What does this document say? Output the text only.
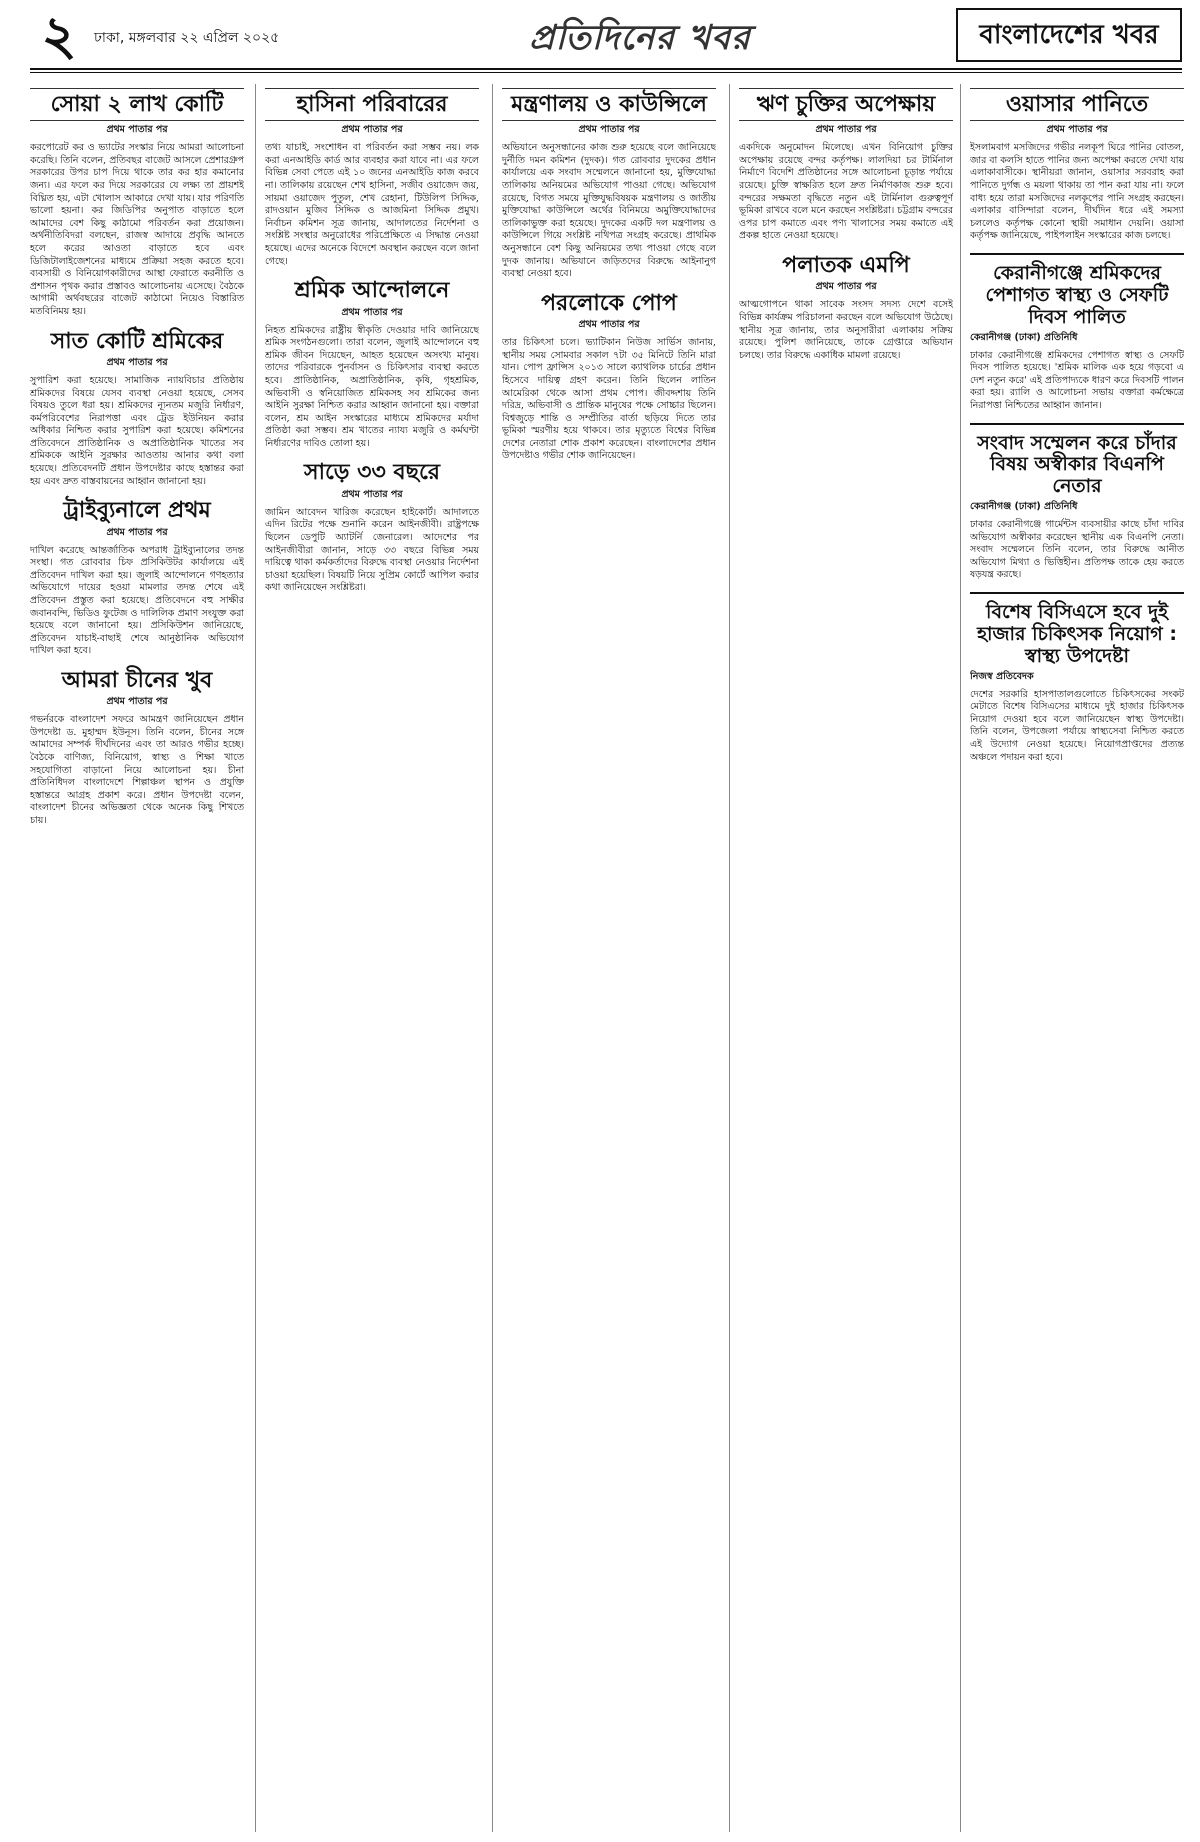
২	ঢাকা, মঙ্গলবার ২২ এপ্রিল ২০২৫	প্রতিদিনের খবর	বাংলাদেশের খবর
সোয়া ২ লাখ কোটি
প্রথম পাতার পর

করপোরেট কর ও ভ্যাটের সংস্কার নিয়ে আমরা আলোচনা করেছি। তিনি বলেন, প্রতিবছর বাজেট আসলে প্রেশারগ্রুপ সরকারের উপর চাপ দিয়ে থাকে তার কর হার কমানোর জন্য। এর ফলে কর দিয়ে সরকারের যে লক্ষ্য তা প্রায়শই বিঘ্নিত হয়, এটা খোলাস আকারে দেখা যায়। যার পরিণতি ভালো হয়না। কর জিডিপির অনুপাত বাড়াতে হলে আমাদের বেশ কিছু কাঠামো পরিবর্তন করা প্রয়োজন। অর্থনীতিবিদরা বলছেন, রাজস্ব আদায়ে প্রবৃদ্ধি আনতে হলে করের আওতা বাড়াতে হবে এবং ডিজিটালাইজেশনের মাধ্যমে প্রক্রিয়া সহজ করতে হবে। ব্যবসায়ী ও বিনিয়োগকারীদের আস্থা ফেরাতে করনীতি ও প্রশাসন পৃথক করার প্রস্তাবও আলোচনায় এসেছে। বৈঠকে আগামী অর্থবছরের বাজেট কাঠামো নিয়েও বিস্তারিত মতবিনিময় হয়।

সাত কোটি শ্রমিকের
প্রথম পাতার পর

সুপারিশ করা হয়েছে। সামাজিক ন্যায়বিচার প্রতিষ্ঠায় শ্রমিকদের বিষয়ে যেসব ব্যবস্থা নেওয়া হয়েছে, সেসব বিষয়ও তুলে ধরা হয়। শ্রমিকদের ন্যূনতম মজুরি নির্ধারণ, কর্মপরিবেশের নিরাপত্তা এবং ট্রেড ইউনিয়ন করার অধিকার নিশ্চিত করার সুপারিশ করা হয়েছে। কমিশনের প্রতিবেদনে প্রাতিষ্ঠানিক ও অপ্রাতিষ্ঠানিক খাতের সব শ্রমিককে আইনি সুরক্ষার আওতায় আনার কথা বলা হয়েছে। প্রতিবেদনটি প্রধান উপদেষ্টার কাছে হস্তান্তর করা হয় এবং দ্রুত বাস্তবায়নের আহ্বান জানানো হয়।

ট্রাইব্যুনালে প্রথম
প্রথম পাতার পর

দাখিল করেছে আন্তর্জাতিক অপরাধ ট্রাইব্যুনালের তদন্ত সংস্থা। গত রোববার চিফ প্রসিকিউটর কার্যালয়ে এই প্রতিবেদন দাখিল করা হয়। জুলাই আন্দোলনে গণহত্যার অভিযোগে দায়ের হওয়া মামলার তদন্ত শেষে এই প্রতিবেদন প্রস্তুত করা হয়েছে। প্রতিবেদনে বহু সাক্ষীর জবানবন্দি, ভিডিও ফুটেজ ও দালিলিক প্রমাণ সংযুক্ত করা হয়েছে বলে জানানো হয়। প্রসিকিউশন জানিয়েছে, প্রতিবেদন যাচাই-বাছাই শেষে আনুষ্ঠানিক অভিযোগ দাখিল করা হবে।

আমরা চীনের খুব
প্রথম পাতার পর

গভর্নরকে বাংলাদেশ সফরে আমন্ত্রণ জানিয়েছেন প্রধান উপদেষ্টা ড. মুহাম্মদ ইউনূস। তিনি বলেন, চীনের সঙ্গে আমাদের সম্পর্ক দীর্ঘদিনের এবং তা আরও গভীর হচ্ছে। বৈঠকে বাণিজ্য, বিনিয়োগ, স্বাস্থ্য ও শিক্ষা খাতে সহযোগিতা বাড়ানো নিয়ে আলোচনা হয়। চীনা প্রতিনিধিদল বাংলাদেশে শিল্পাঞ্চল স্থাপন ও প্রযুক্তি হস্তান্তরে আগ্রহ প্রকাশ করে। প্রধান উপদেষ্টা বলেন, বাংলাদেশ চীনের অভিজ্ঞতা থেকে অনেক কিছু শিখতে চায়।

হাসিনা পরিবারের
প্রথম পাতার পর

তথ্য যাচাই, সংশোধন বা পরিবর্তন করা সম্ভব নয়। লক করা এনআইডি কার্ড আর ব্যবহার করা যাবে না। এর ফলে বিভিন্ন সেবা পেতে এই ১০ জনের এনআইডি কাজ করবে না। তালিকায় রয়েছেন শেখ হাসিনা, সজীব ওয়াজেদ জয়, সায়মা ওয়াজেদ পুতুল, শেখ রেহানা, টিউলিপ সিদ্দিক, রাদওয়ান মুজিব সিদ্দিক ও আজমিনা সিদ্দিক প্রমুখ। নির্বাচন কমিশন সূত্র জানায়, আদালতের নির্দেশনা ও সংশ্লিষ্ট সংস্থার অনুরোধের পরিপ্রেক্ষিতে এ সিদ্ধান্ত নেওয়া হয়েছে। এদের অনেকে বিদেশে অবস্থান করছেন বলে জানা গেছে।

শ্রমিক আন্দোলনে
প্রথম পাতার পর

নিহত শ্রমিকদের রাষ্ট্রীয় স্বীকৃতি দেওয়ার দাবি জানিয়েছে শ্রমিক সংগঠনগুলো। তারা বলেন, জুলাই আন্দোলনে বহু শ্রমিক জীবন দিয়েছেন, আহত হয়েছেন অসংখ্য মানুষ। তাদের পরিবারকে পুনর্বাসন ও চিকিৎসার ব্যবস্থা করতে হবে। প্রাতিষ্ঠানিক, অপ্রাতিষ্ঠানিক, কৃষি, গৃহশ্রমিক, অভিবাসী ও স্বনিয়োজিত শ্রমিকসহ সব শ্রমিকের জন্য আইনি সুরক্ষা নিশ্চিত করার আহ্বান জানানো হয়। বক্তারা বলেন, শ্রম আইন সংস্কারের মাধ্যমে শ্রমিকদের মর্যাদা প্রতিষ্ঠা করা সম্ভব। শ্রম খাতের ন্যায্য মজুরি ও কর্মঘণ্টা নির্ধারণের দাবিও তোলা হয়।

সাড়ে ৩৩ বছরে
প্রথম পাতার পর

জামিন আবেদন খারিজ করেছেন হাইকোর্ট। আদালতে এদিন রিটের পক্ষে শুনানি করেন আইনজীবী। রাষ্ট্রপক্ষে ছিলেন ডেপুটি অ্যাটর্নি জেনারেল। আদেশের পর আইনজীবীরা জানান, সাড়ে ৩৩ বছরে বিভিন্ন সময় দায়িত্বে থাকা কর্মকর্তাদের বিরুদ্ধে ব্যবস্থা নেওয়ার নির্দেশনা চাওয়া হয়েছিল। বিষয়টি নিয়ে সুপ্রিম কোর্টে আপিল করার কথা জানিয়েছেন সংশ্লিষ্টরা।

মন্ত্রণালয় ও কাউন্সিলে
প্রথম পাতার পর

অভিযানে অনুসন্ধানের কাজ শুরু হয়েছে বলে জানিয়েছে দুর্নীতি দমন কমিশন (দুদক)। গত রোববার দুদকের প্রধান কার্যালয়ে এক সংবাদ সম্মেলনে জানানো হয়, মুক্তিযোদ্ধা তালিকায় অনিয়মের অভিযোগ পাওয়া গেছে। অভিযোগ রয়েছে, বিগত সময়ে মুক্তিযুদ্ধবিষয়ক মন্ত্রণালয় ও জাতীয় মুক্তিযোদ্ধা কাউন্সিলে অর্থের বিনিময়ে অমুক্তিযোদ্ধাদের তালিকাভুক্ত করা হয়েছে। দুদকের একটি দল মন্ত্রণালয় ও কাউন্সিলে গিয়ে সংশ্লিষ্ট নথিপত্র সংগ্রহ করেছে। প্রাথমিক অনুসন্ধানে বেশ কিছু অনিয়মের তথ্য পাওয়া গেছে বলে দুদক জানায়। অভিযানে জড়িতদের বিরুদ্ধে আইনানুগ ব্যবস্থা নেওয়া হবে।

পরলোকে পোপ
প্রথম পাতার পর

তার চিকিৎসা চলে। ভ্যাটিকান নিউজ সার্ভিস জানায়, স্থানীয় সময় সোমবার সকাল ৭টা ৩৫ মিনিটে তিনি মারা যান। পোপ ফ্রান্সিস ২০১৩ সালে ক্যাথলিক চার্চের প্রধান হিসেবে দায়িত্ব গ্রহণ করেন। তিনি ছিলেন লাতিন আমেরিকা থেকে আসা প্রথম পোপ। জীবদ্দশায় তিনি দরিদ্র, অভিবাসী ও প্রান্তিক মানুষের পক্ষে সোচ্চার ছিলেন। বিশ্বজুড়ে শান্তি ও সম্প্রীতির বার্তা ছড়িয়ে দিতে তার ভূমিকা স্মরণীয় হয়ে থাকবে। তার মৃত্যুতে বিশ্বের বিভিন্ন দেশের নেতারা শোক প্রকাশ করেছেন। বাংলাদেশের প্রধান উপদেষ্টাও গভীর শোক জানিয়েছেন।

ঋণ চুক্তির অপেক্ষায়
প্রথম পাতার পর

একদিকে অনুমোদন মিলেছে। এখন বিনিয়োগ চুক্তির অপেক্ষায় রয়েছে বন্দর কর্তৃপক্ষ। লালদিয়া চর টার্মিনাল নির্মাণে বিদেশি প্রতিষ্ঠানের সঙ্গে আলোচনা চূড়ান্ত পর্যায়ে রয়েছে। চুক্তি স্বাক্ষরিত হলে দ্রুত নির্মাণকাজ শুরু হবে। বন্দরের সক্ষমতা বৃদ্ধিতে নতুন এই টার্মিনাল গুরুত্বপূর্ণ ভূমিকা রাখবে বলে মনে করছেন সংশ্লিষ্টরা। চট্টগ্রাম বন্দরের ওপর চাপ কমাতে এবং পণ্য খালাসের সময় কমাতে এই প্রকল্প হাতে নেওয়া হয়েছে।

পলাতক এমপি
প্রথম পাতার পর

আত্মগোপনে থাকা সাবেক সংসদ সদস্য দেশে বসেই বিভিন্ন কার্যক্রম পরিচালনা করছেন বলে অভিযোগ উঠেছে। স্থানীয় সূত্র জানায়, তার অনুসারীরা এলাকায় সক্রিয় রয়েছে। পুলিশ জানিয়েছে, তাকে গ্রেপ্তারে অভিযান চলছে। তার বিরুদ্ধে একাধিক মামলা রয়েছে।

ওয়াসার পানিতে
প্রথম পাতার পর

ইসলামবাগ মসজিদের গভীর নলকূপ ঘিরে পানির বোতল, জার বা কলসি হাতে পানির জন্য অপেক্ষা করতে দেখা যায় এলাকাবাসীকে। স্থানীয়রা জানান, ওয়াসার সরবরাহ করা পানিতে দুর্গন্ধ ও ময়লা থাকায় তা পান করা যায় না। ফলে বাধ্য হয়ে তারা মসজিদের নলকূপের পানি সংগ্রহ করছেন। এলাকার বাসিন্দারা বলেন, দীর্ঘদিন ধরে এই সমস্যা চললেও কর্তৃপক্ষ কোনো স্থায়ী সমাধান দেয়নি। ওয়াসা কর্তৃপক্ষ জানিয়েছে, পাইপলাইন সংস্কারের কাজ চলছে।

কেরানীগঞ্জে শ্রমিকদের পেশাগত স্বাস্থ্য ও সেফটি দিবস পালিত
কেরানীগঞ্জ (ঢাকা) প্রতিনিধি

ঢাকার কেরানীগঞ্জে শ্রমিকদের পেশাগত স্বাস্থ্য ও সেফটি দিবস পালিত হয়েছে। 'শ্রমিক মালিক এক হয়ে গড়বো এ দেশ নতুন করে' এই প্রতিপাদ্যকে ধারণ করে দিবসটি পালন করা হয়। র‍্যালি ও আলোচনা সভায় বক্তারা কর্মক্ষেত্রে নিরাপত্তা নিশ্চিতের আহ্বান জানান।

সংবাদ সম্মেলন করে চাঁদার বিষয় অস্বীকার বিএনপি নেতার
কেরানীগঞ্জ (ঢাকা) প্রতিনিধি

ঢাকার কেরানীগঞ্জে গার্মেন্টস ব্যবসায়ীর কাছে চাঁদা দাবির অভিযোগ অস্বীকার করেছেন স্থানীয় এক বিএনপি নেতা। সংবাদ সম্মেলনে তিনি বলেন, তার বিরুদ্ধে আনীত অভিযোগ মিথ্যা ও ভিত্তিহীন। প্রতিপক্ষ তাকে হেয় করতে ষড়যন্ত্র করছে।

বিশেষ বিসিএসে হবে দুই হাজার চিকিৎসক নিয়োগ : স্বাস্থ্য উপদেষ্টা
নিজস্ব প্রতিবেদক

দেশের সরকারি হাসপাতালগুলোতে চিকিৎসকের সংকট মেটাতে বিশেষ বিসিএসের মাধ্যমে দুই হাজার চিকিৎসক নিয়োগ দেওয়া হবে বলে জানিয়েছেন স্বাস্থ্য উপদেষ্টা। তিনি বলেন, উপজেলা পর্যায়ে স্বাস্থ্যসেবা নিশ্চিত করতে এই উদ্যোগ নেওয়া হয়েছে। নিয়োগপ্রাপ্তদের প্রত্যন্ত অঞ্চলে পদায়ন করা হবে।
